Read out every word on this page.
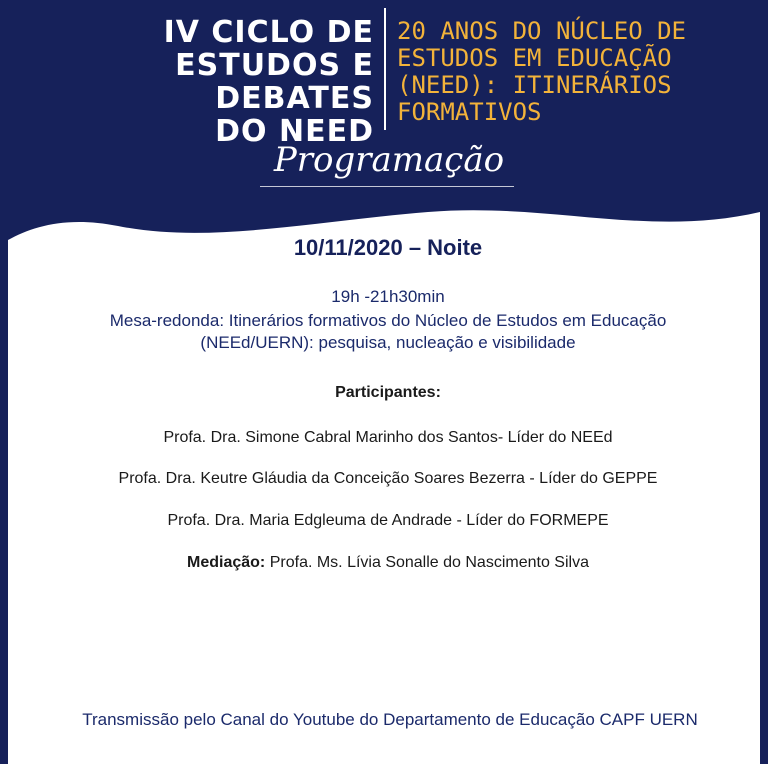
IV CICLO DE
ESTUDOS E DEBATES
DO NEED
20 ANOS DO NÚCLEO DE
ESTUDOS EM EDUCAÇÃO
(NEED): ITINERÁRIOS
FORMATIVOS
Programação
10/11/2020 – Noite
19h -21h30min
Mesa-redonda: Itinerários formativos do Núcleo de Estudos em Educação
(NEEd/UERN): pesquisa, nucleação e visibilidade
Participantes:
Profa. Dra. Simone Cabral Marinho dos Santos- Líder do NEEd
Profa. Dra. Keutre Gláudia da Conceição Soares Bezerra - Líder do GEPPE
Profa. Dra. Maria Edgleuma de Andrade - Líder do FORMEPE
Mediação: Profa. Ms. Lívia Sonalle do Nascimento Silva
Transmissão pelo Canal do Youtube do Departamento de Educação CAPF UERN
